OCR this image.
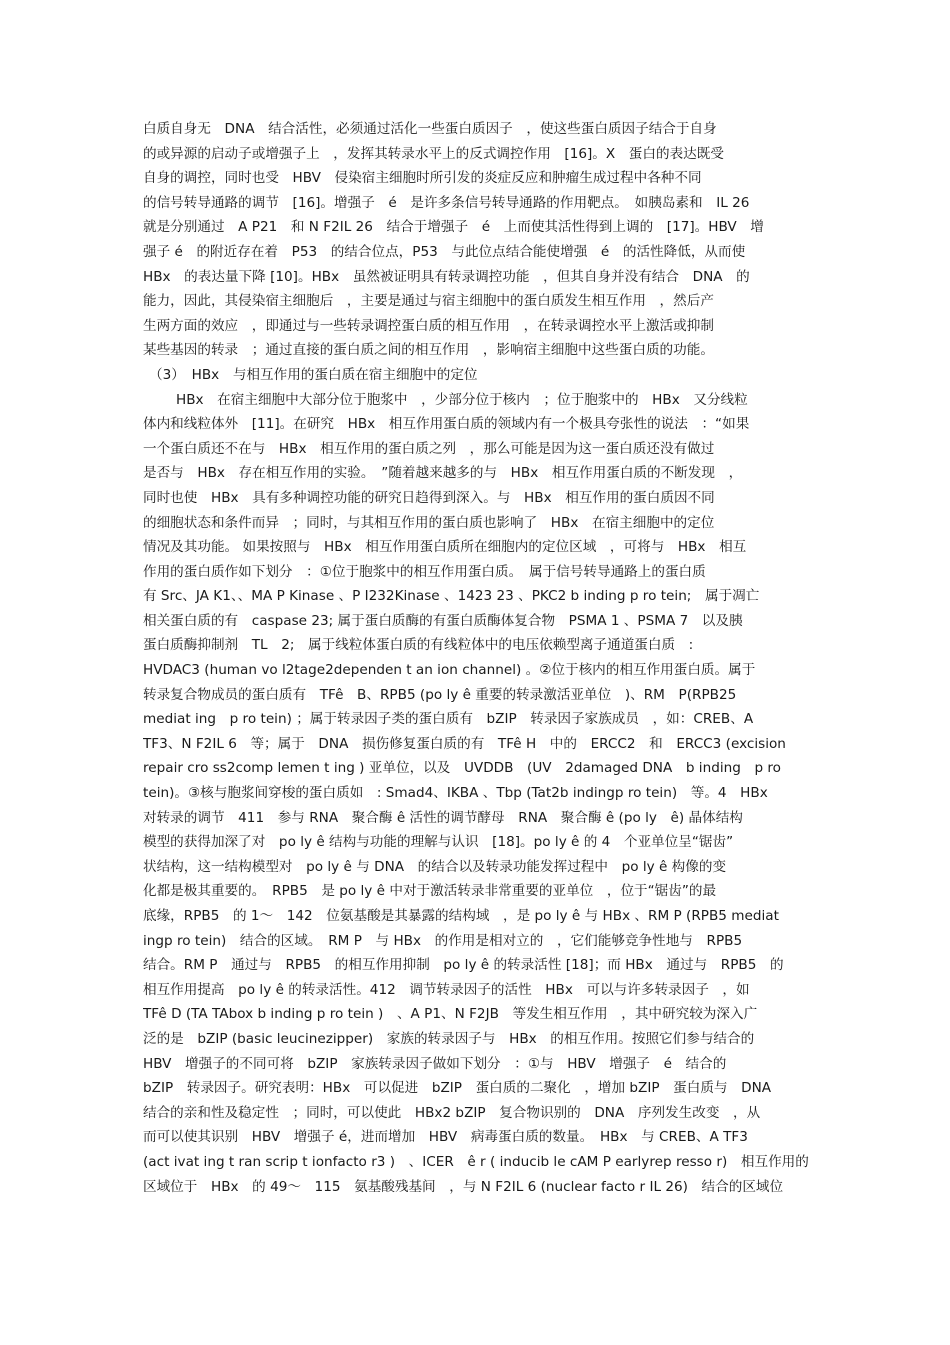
白质自身无　DNA　结合活性，必须通过活化一些蛋白质因子　，使这些蛋白质因子结合于自身
的或异源的启动子或增强子上　，发挥其转录水平上的反式调控作用　[16]。X　蛋白的表达既受
自身的调控，同时也受　HBV　侵染宿主细胞时所引发的炎症反应和肿瘤生成过程中各种不同
的信号转导通路的调节　[16]。增强子　é　是许多条信号转导通路的作用靶点。　如胰岛素和　IL 26
就是分别通过　A P21　和 N F2IL 26　结合于增强子　é　上而使其活性得到上调的　[17]。HBV　增
强子 é　的附近存在着　P53　的结合位点，P53　与此位点结合能使增强　é　的活性降低，从而使
HBx　的表达量下降 [10]。HBx　虽然被证明具有转录调控功能　，但其自身并没有结合　DNA　的
能力，因此，其侵染宿主细胞后　，主要是通过与宿主细胞中的蛋白质发生相互作用　，然后产
生两方面的效应　，即通过与一些转录调控蛋白质的相互作用　，在转录调控水平上激活或抑制
某些基因的转录　；通过直接的蛋白质之间的相互作用　，影响宿主细胞中这些蛋白质的功能。
（3）　HBx　与相互作用的蛋白质在宿主细胞中的定位
HBx　在宿主细胞中大部分位于胞浆中　，少部分位于核内　；位于胞浆中的　HBx　又分线粒
体内和线粒体外　[11]。在研究　HBx　相互作用蛋白质的领域内有一个极具夸张性的说法　：“如果
一个蛋白质还不在与　HBx　相互作用的蛋白质之列　，那么可能是因为这一蛋白质还没有做过
是否与　HBx　存在相互作用的实验。　”随着越来越多的与　HBx　相互作用蛋白质的不断发现　，
同时也使　HBx　具有多种调控功能的研究日趋得到深入。与　HBx　相互作用的蛋白质因不同
的细胞状态和条件而异　；同时，与其相互作用的蛋白质也影响了　HBx　在宿主细胞中的定位
情况及其功能。 如果按照与　HBx　相互作用蛋白质所在细胞内的定位区域　，可将与　HBx　相互
作用的蛋白质作如下划分　：①位于胞浆中的相互作用蛋白质。　属于信号转导通路上的蛋白质
有 Src、JA K1、、MA P Kinase 、P I232Kinase 、1423 23 、PKC2 b inding p ro tein;　属于凋亡
相关蛋白质的有　caspase 23; 属于蛋白质酶的有蛋白质酶体复合物　PSMA 1 、PSMA 7　以及胰
蛋白质酶抑制剂　TL　2;　属于线粒体蛋白质的有线粒体中的电压依赖型离子通道蛋白质　:
HVDAC3 (human vo l2tage2dependen t an ion channel) 。②位于核内的相互作用蛋白质。属于
转录复合物成员的蛋白质有　TFê　B、RPB5 (po ly ê 重要的转录激活亚单位　)、RM　P(RPB25
mediat ing　p ro tein) ；属于转录因子类的蛋白质有　bZIP　转录因子家族成员　，如：CREB、A
TF3、N F2IL 6　等；属于　DNA　损伤修复蛋白质的有　TFê H　中的　ERCC2　和　ERCC3 (excision
repair cro ss2comp lemen t ing ) 亚单位，以及　UVDDB　(UV　2damaged DNA　b inding　p ro
tein)。③核与胞浆间穿梭的蛋白质如　: Smad4、IKBA 、Tbp (Tat2b indingp ro tein)　等。4　HBx
对转录的调节　411　参与 RNA　聚合酶 ê 活性的调节酵母　RNA　聚合酶 ê (po ly　ê) 晶体结构
模型的获得加深了对　po ly ê 结构与功能的理解与认识　[18]。po ly ê 的 4　个亚单位呈“锯齿”
状结构，这一结构模型对　po ly ê 与 DNA　的结合以及转录功能发挥过程中　po ly ê 构像的变
化都是极其重要的。　RPB5　是 po ly ê 中对于激活转录非常重要的亚单位　，位于“锯齿”的最
底缘，RPB5　的 1～　142　位氨基酸是其暴露的结构域　，是 po ly ê 与 HBx 、RM P (RPB5 mediat
ingp ro tein)　结合的区域。　RM P　与 HBx　的作用是相对立的　，它们能够竞争性地与　RPB5
结合。RM P　通过与　RPB5　的相互作用抑制　po ly ê 的转录活性 [18]；而 HBx　通过与　RPB5　的
相互作用提高　po ly ê 的转录活性。412　调节转录因子的活性　HBx　可以与许多转录因子　，如
TFê D (TA TAbox b inding p ro tein )　、A P1、N F2JB　等发生相互作用　，其中研究较为深入广
泛的是　bZIP (basic leucinezipper)　家族的转录因子与　HBx　的相互作用。按照它们参与结合的
HBV　增强子的不同可将　bZIP　家族转录因子做如下划分　：①与　HBV　增强子　é　结合的
bZIP　转录因子。研究表明：HBx　可以促进　bZIP　蛋白质的二聚化　，增加 bZIP　蛋白质与　DNA
结合的亲和性及稳定性　；同时，可以使此　HBx2 bZIP　复合物识别的　DNA　序列发生改变　，从
而可以使其识别　HBV　增强子 é，进而增加　HBV　病毒蛋白质的数量。　HBx　与 CREB、A TF3
(act ivat ing t ran scrip t ionfacto r3 )　、ICER　ê r ( inducib le cAM P earlyrep resso r)　相互作用的
区域位于　HBx　的 49～　115　氨基酸残基间　，与 N F2IL 6 (nuclear facto r IL 26)　结合的区域位
